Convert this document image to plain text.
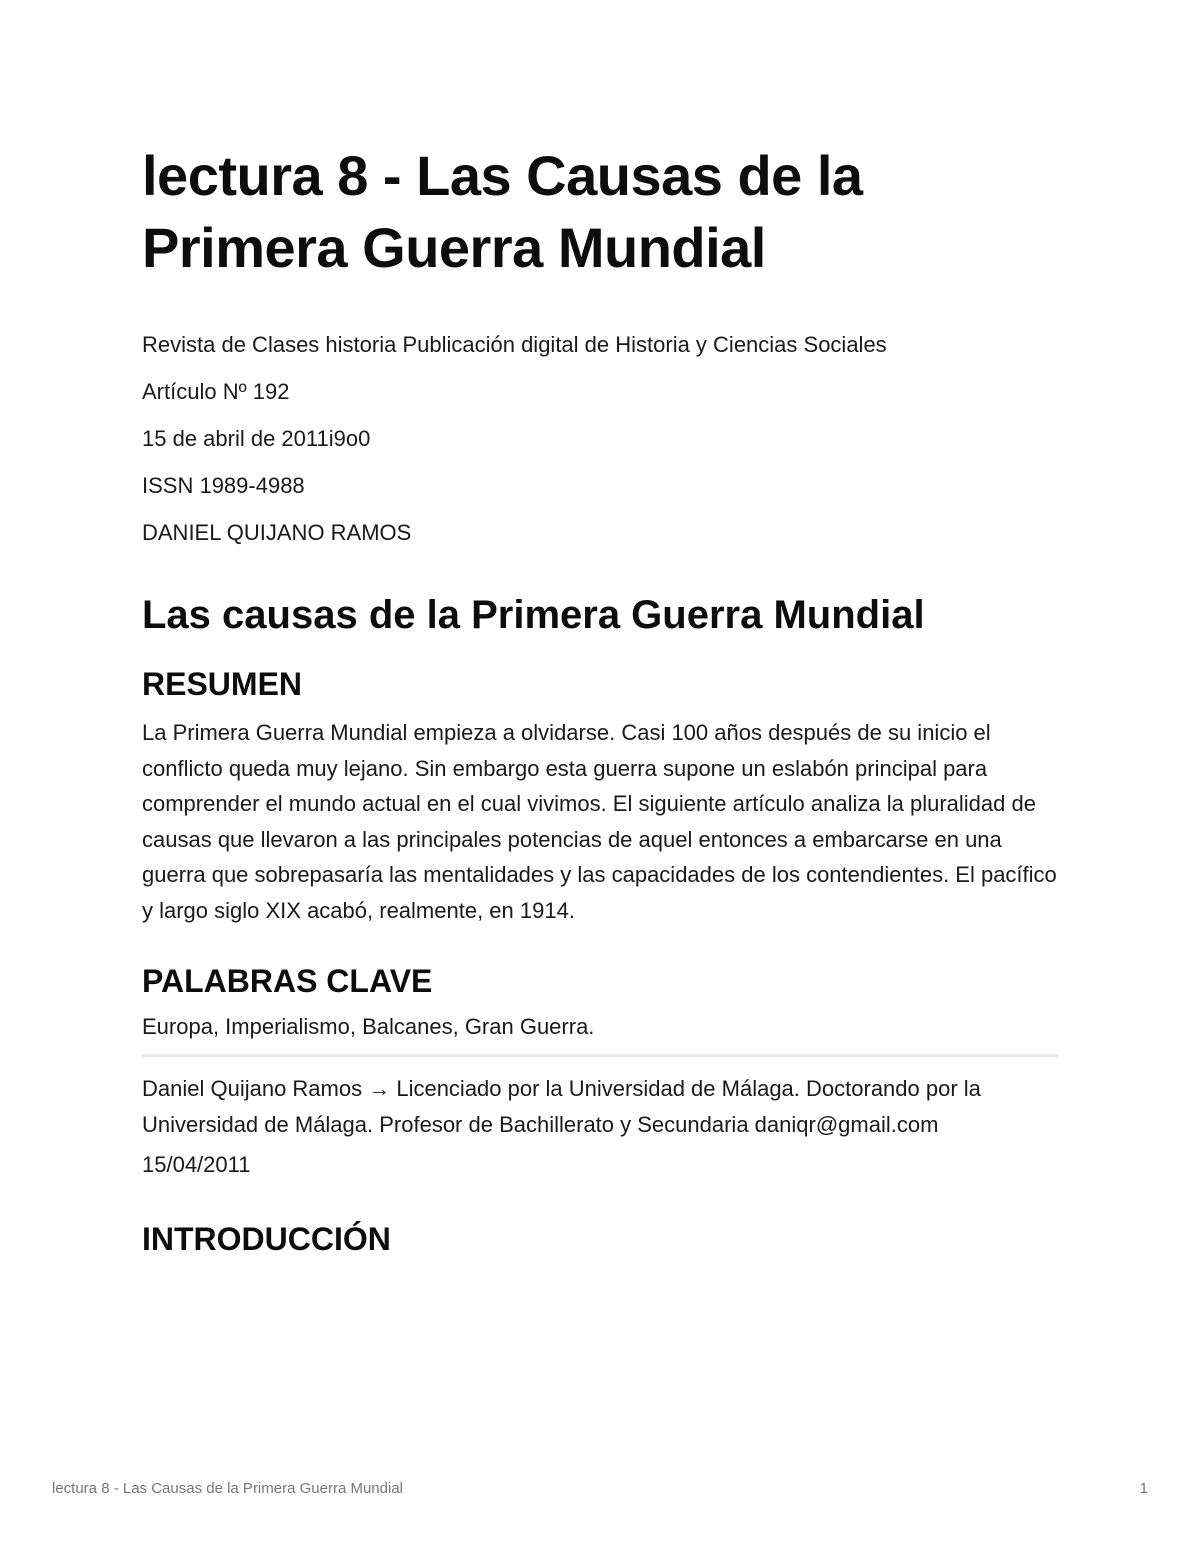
lectura 8 - Las Causas de la Primera Guerra Mundial

Revista de Clases historia Publicación digital de Historia y Ciencias Sociales

Artículo Nº 192

15 de abril de 2011i9o0

ISSN 1989-4988

DANIEL QUIJANO RAMOS

Las causas de la Primera Guerra Mundial
RESUMEN

La Primera Guerra Mundial empieza a olvidarse. Casi 100 años después de su inicio el conflicto queda muy lejano. Sin embargo esta guerra supone un eslabón principal para comprender el mundo actual en el cual vivimos. El siguiente artículo analiza la pluralidad de causas que llevaron a las principales potencias de aquel entonces a embarcarse en una guerra que sobrepasaría las mentalidades y las capacidades de los contendientes. El pacífico y largo siglo XIX acabó, realmente, en 1914.

PALABRAS CLAVE

Europa, Imperialismo, Balcanes, Gran Guerra.

Daniel Quijano Ramos → Licenciado por la Universidad de Málaga. Doctorando por la Universidad de Málaga. Profesor de Bachillerato y Secundaria daniqr@gmail.com

15/04/2011

INTRODUCCIÓN
lectura 8 - Las Causas de la Primera Guerra Mundial	1
